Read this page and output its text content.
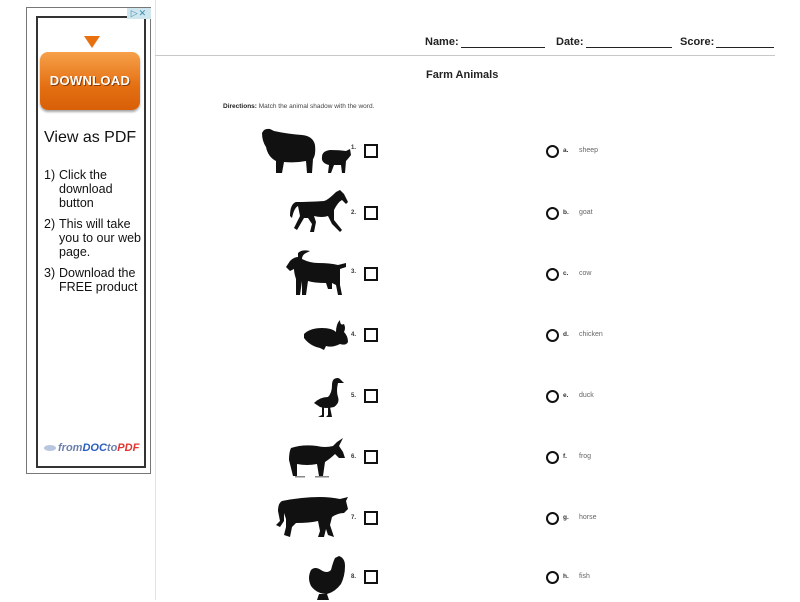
▷✕
DOWNLOAD
View as PDF
1) Click the download button
2) This will take you to our web page.
3) Download the FREE product
fromDOCtoPDF
Name:	Date:	Score:
Farm Animals
Directions: Match the animal shadow with the word.
1.	a. sheep
2.	b. goat
3.	c. cow
4.	d. chicken
5.	e. duck
6.	f. frog
7.	g. horse
8.	h. fish
